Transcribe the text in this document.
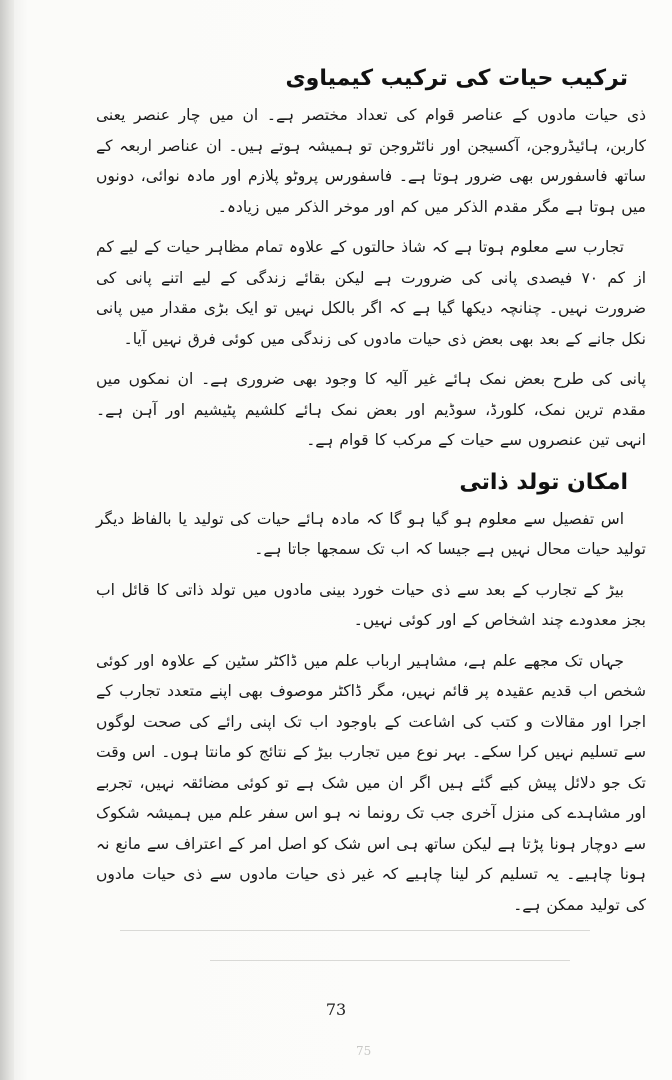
ترکیب حیات کی ترکیب کیمیاوی

ذی حیات مادوں کے عناصر قوام کی تعداد مختصر ہے۔ ان میں چار عنصر یعنی کاربن، ہائیڈروجن، آکسیجن اور نائٹروجن تو ہمیشہ ہوتے ہیں۔ ان عناصر اربعہ کے ساتھ فاسفورس بھی ضرور ہوتا ہے۔ فاسفورس پروٹو پلازم اور مادہ نوائی، دونوں میں ہوتا ہے مگر مقدم الذکر میں کم اور موخر الذکر میں زیادہ۔

تجارب سے معلوم ہوتا ہے کہ شاذ حالتوں کے علاوہ تمام مظاہر حیات کے لیے کم از کم ۷۰ فیصدی پانی کی ضرورت ہے لیکن بقائے زندگی کے لیے اتنے پانی کی ضرورت نہیں۔ چنانچہ دیکھا گیا ہے کہ اگر بالکل نہیں تو ایک بڑی مقدار میں پانی نکل جانے کے بعد بھی بعض ذی حیات مادوں کی زندگی میں کوئی فرق نہیں آیا۔

پانی کی طرح بعض نمک ہائے غیر آلیہ کا وجود بھی ضروری ہے۔ ان نمکوں میں مقدم ترین نمک، کلورڈ، سوڈیم اور بعض نمک ہائے کلشیم پٹیشیم اور آہن ہے۔ انہی تین عنصروں سے حیات کے مرکب کا قوام ہے۔

امکان تولد ذاتی

اس تفصیل سے معلوم ہو گیا ہو گا کہ مادہ ہائے حیات کی تولید یا بالفاظ دیگر تولید حیات محال نہیں ہے جیسا کہ اب تک سمجھا جاتا ہے۔

بیڑ کے تجارب کے بعد سے ذی حیات خورد بینی مادوں میں تولد ذاتی کا قائل اب بجز معدودے چند اشخاص کے اور کوئی نہیں۔

جہاں تک مجھے علم ہے، مشاہیر ارباب علم میں ڈاکٹر سٹین کے علاوہ اور کوئی شخص اب قدیم عقیدہ پر قائم نہیں، مگر ڈاکٹر موصوف بھی اپنے متعدد تجارب کے اجرا اور مقالات و کتب کی اشاعت کے باوجود اب تک اپنی رائے کی صحت لوگوں سے تسلیم نہیں کرا سکے۔ بہر نوع میں تجارب بیڑ کے نتائج کو مانتا ہوں۔ اس وقت تک جو دلائل پیش کیے گئے ہیں اگر ان میں شک ہے تو کوئی مضائقہ نہیں، تجربے اور مشاہدے کی منزل آخری جب تک رونما نہ ہو اس سفر علم میں ہمیشہ شکوک سے دوچار ہونا پڑتا ہے لیکن ساتھ ہی اس شک کو اصل امر کے اعتراف سے مانع نہ ہونا چاہیے۔ یہ تسلیم کر لینا چاہیے کہ غیر ذی حیات مادوں سے ذی حیات مادوں کی تولید ممکن ہے۔

73
75
